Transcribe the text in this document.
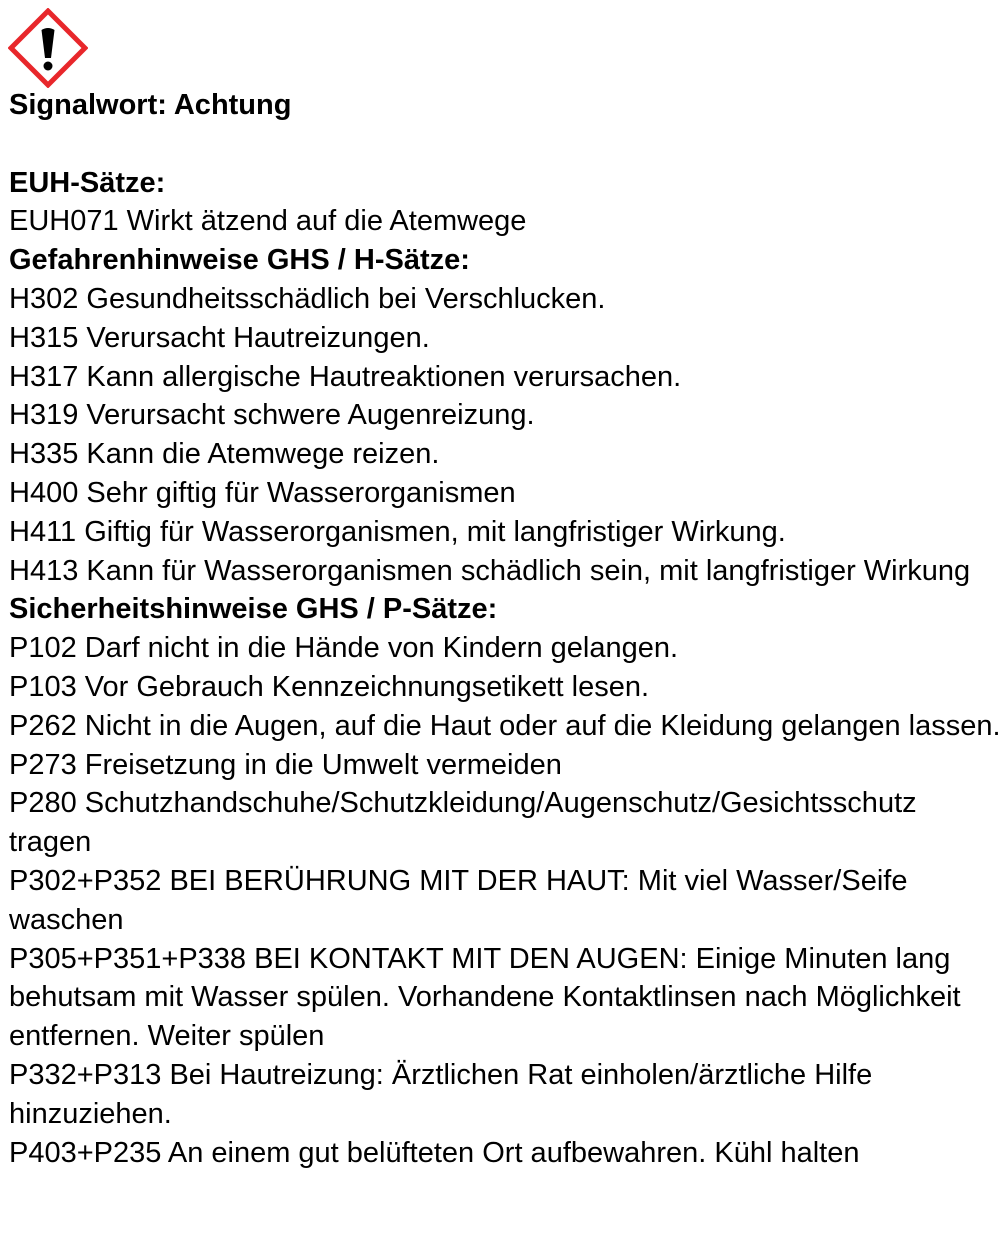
Signalwort: Achtung

EUH-Sätze:

EUH071 Wirkt ätzend auf die Atemwege

Gefahrenhinweise GHS / H-Sätze:

H302 Gesundheitsschädlich bei Verschlucken.

H315 Verursacht Hautreizungen.

H317 Kann allergische Hautreaktionen verursachen.

H319 Verursacht schwere Augenreizung.

H335 Kann die Atemwege reizen.

H400 Sehr giftig für Wasserorganismen

H411 Giftig für Wasserorganismen, mit langfristiger Wirkung.

H413 Kann für Wasserorganismen schädlich sein, mit langfristiger Wirkung

Sicherheitshinweise GHS / P-Sätze:

P102 Darf nicht in die Hände von Kindern gelangen.

P103 Vor Gebrauch Kennzeichnungsetikett lesen.

P262 Nicht in die Augen, auf die Haut oder auf die Kleidung gelangen lassen.

P273 Freisetzung in die Umwelt vermeiden

P280 Schutzhandschuhe/Schutzkleidung/Augenschutz/Gesichtsschutz tragen

P302+P352 BEI BERÜHRUNG MIT DER HAUT: Mit viel Wasser/Seife waschen

P305+P351+P338 BEI KONTAKT MIT DEN AUGEN: Einige Minuten lang behutsam mit Wasser spülen. Vorhandene Kontaktlinsen nach Möglichkeit entfernen. Weiter spülen

P332+P313 Bei Hautreizung: Ärztlichen Rat einholen/ärztliche Hilfe hinzuziehen.

P403+P235 An einem gut belüfteten Ort aufbewahren. Kühl halten
